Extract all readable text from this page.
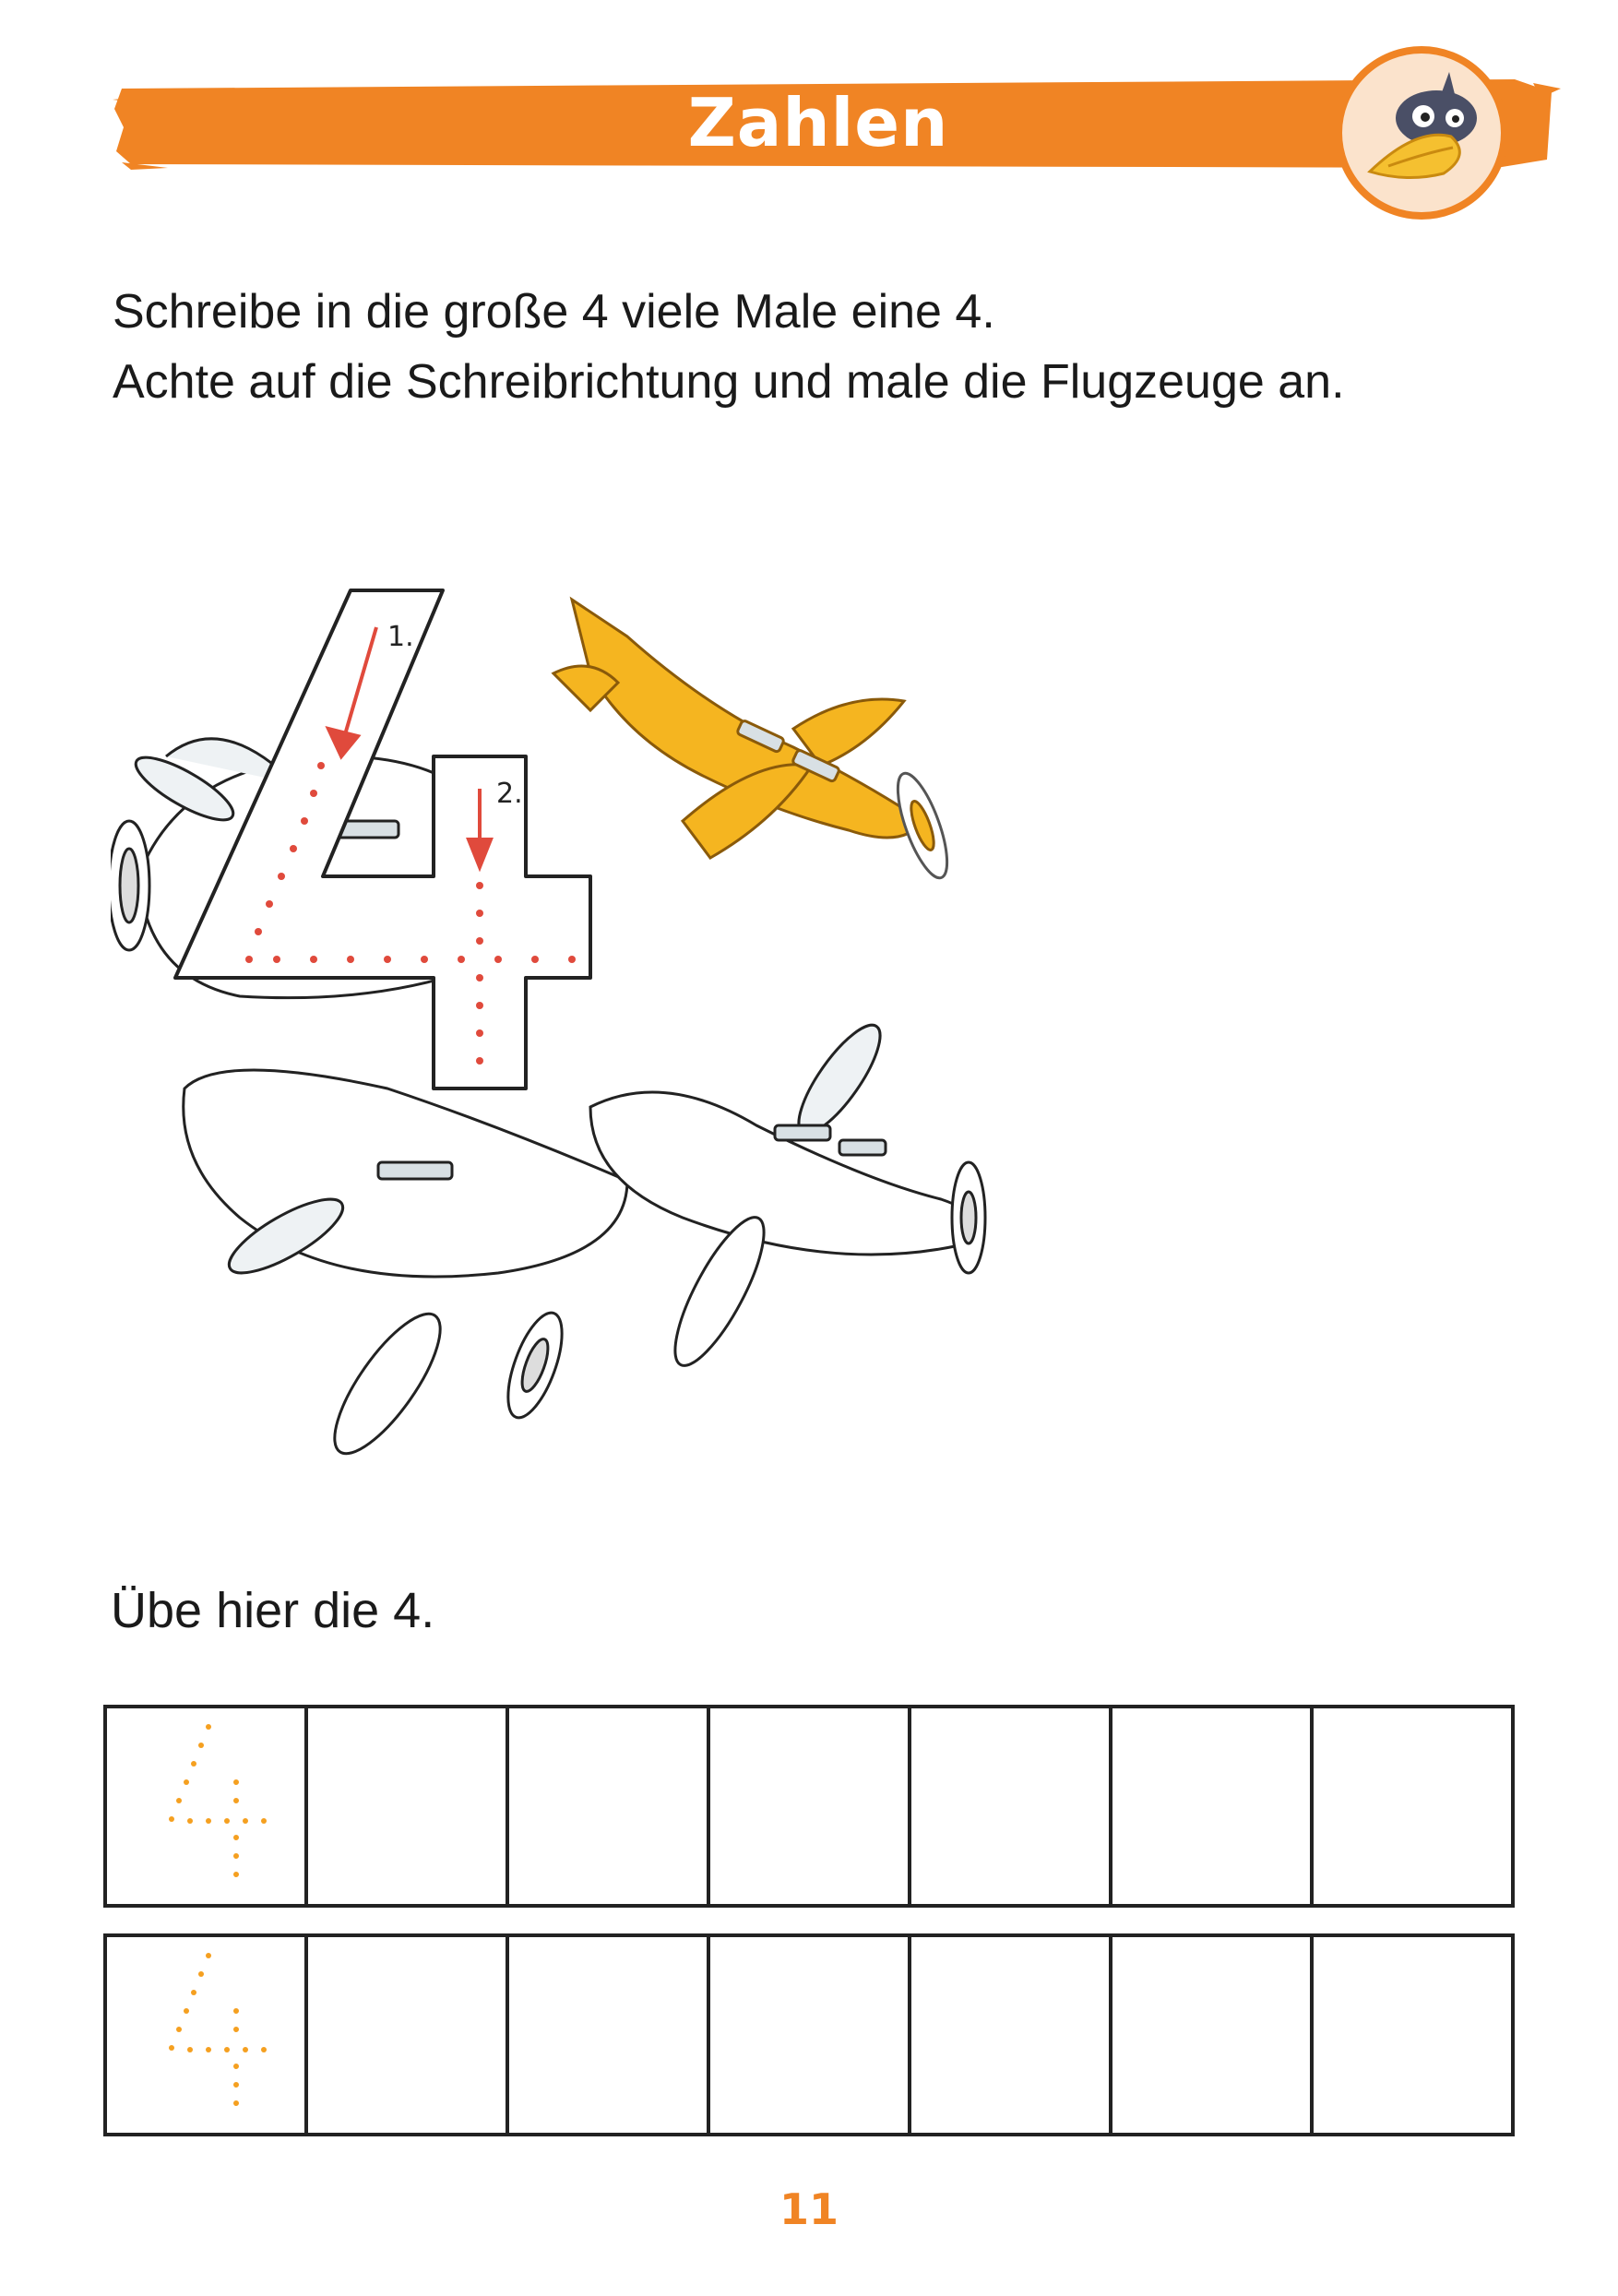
Zahlen
Schreibe in die große 4 viele Male eine 4.
Achte auf die Schreibrichtung und male die Flugzeuge an.
1.
2.
Übe hier die 4.
11
